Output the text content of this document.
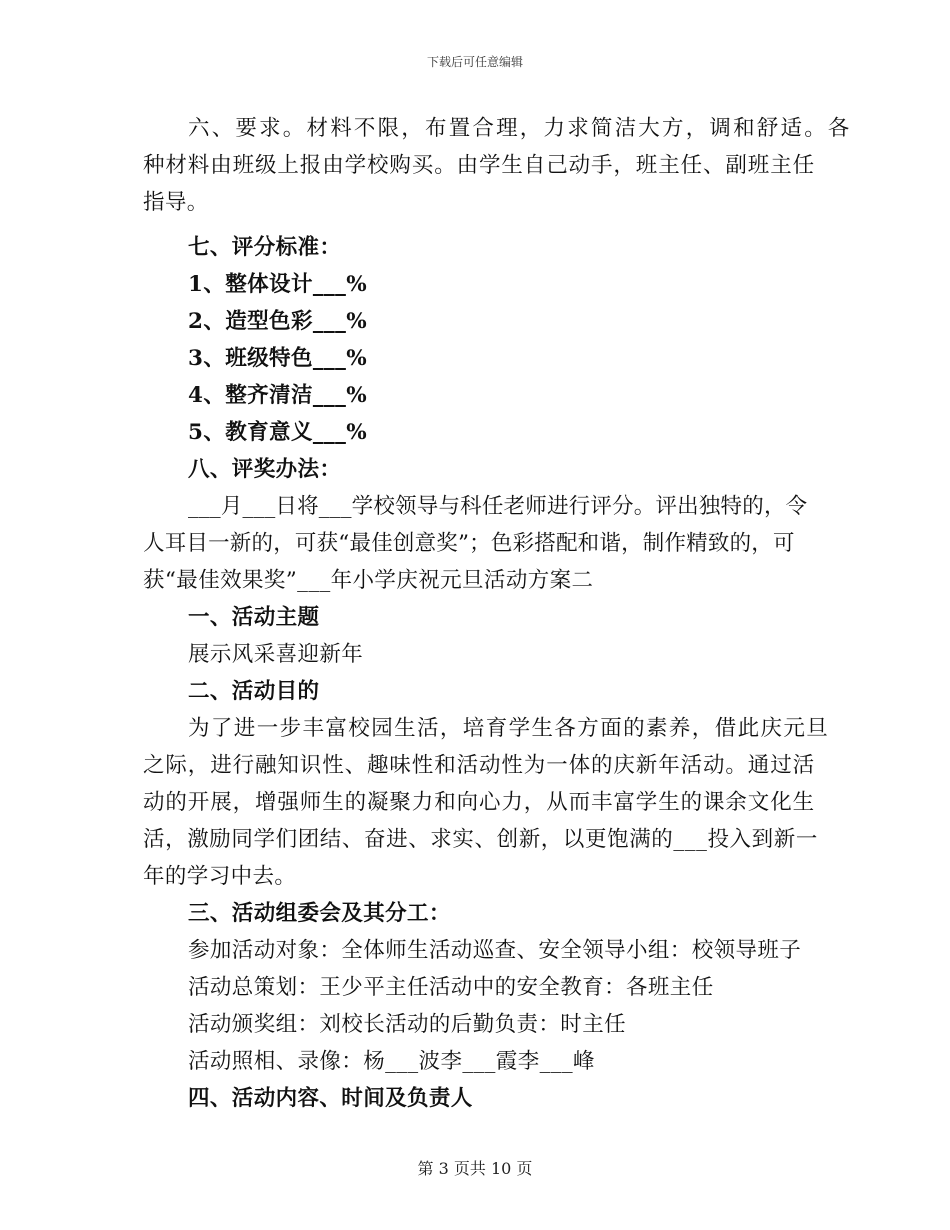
下载后可任意编辑
六、要求。材料不限，布置合理，力求简洁大方，调和舒适。各
种材料由班级上报由学校购买。由学生自己动手，班主任、副班主任
指导。
七、评分标准：
1、整体设计___%
2、造型色彩___%
3、班级特色___%
4、整齐清洁___%
5、教育意义___%
八、评奖办法：
___月___日将___学校领导与科任老师进行评分。评出独特的，令
人耳目一新的，可获“最佳创意奖”；色彩搭配和谐，制作精致的，可
获“最佳效果奖”___年小学庆祝元旦活动方案二
一、活动主题
展示风采喜迎新年
二、活动目的
为了进一步丰富校园生活，培育学生各方面的素养，借此庆元旦
之际，进行融知识性、趣味性和活动性为一体的庆新年活动。通过活
动的开展，增强师生的凝聚力和向心力，从而丰富学生的课余文化生
活，激励同学们团结、奋进、求实、创新，以更饱满的___投入到新一
年的学习中去。
三、活动组委会及其分工：
参加活动对象：全体师生活动巡查、安全领导小组：校领导班子
活动总策划：王少平主任活动中的安全教育：各班主任
活动颁奖组：刘校长活动的后勤负责：时主任
活动照相、录像：杨___波李___霞李___峰
四、活动内容、时间及负责人
第 3 页共 10 页
